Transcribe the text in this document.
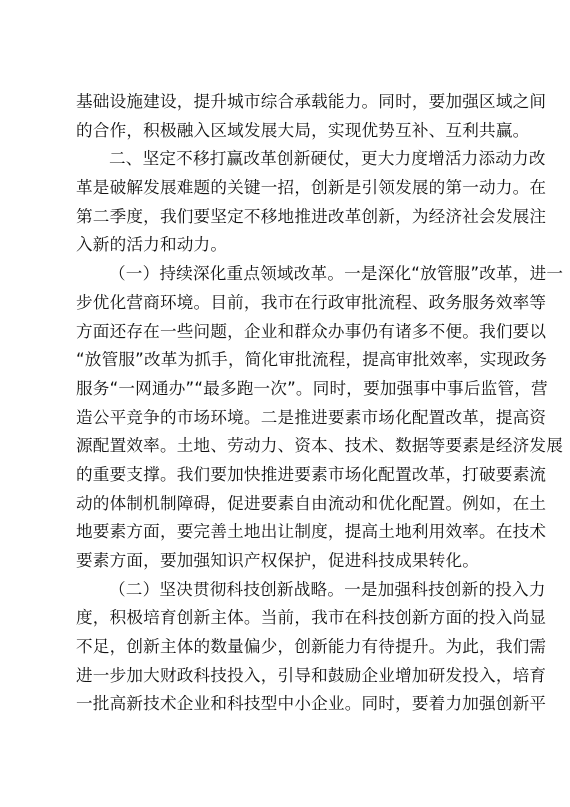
基础设施建设，提升城市综合承载能力。同时，要加强区域之间
的合作，积极融入区域发展大局，实现优势互补、互利共赢。
二、坚定不移打赢改革创新硬仗，更大力度增活力添动力改
革是破解发展难题的关键一招，创新是引领发展的第一动力。在
第二季度，我们要坚定不移地推进改革创新，为经济社会发展注
入新的活力和动力。
（一）持续深化重点领域改革。一是深化“放管服”改革，进一
步优化营商环境。目前，我市在行政审批流程、政务服务效率等
方面还存在一些问题，企业和群众办事仍有诸多不便。我们要以
“放管服”改革为抓手，简化审批流程，提高审批效率，实现政务
服务“一网通办”“最多跑一次”。同时，要加强事中事后监管，营
造公平竞争的市场环境。二是推进要素市场化配置改革，提高资
源配置效率。土地、劳动力、资本、技术、数据等要素是经济发展
的重要支撑。我们要加快推进要素市场化配置改革，打破要素流
动的体制机制障碍，促进要素自由流动和优化配置。例如，在土
地要素方面，要完善土地出让制度，提高土地利用效率。在技术
要素方面，要加强知识产权保护，促进科技成果转化。
（二）坚决贯彻科技创新战略。一是加强科技创新的投入力
度，积极培育创新主体。当前，我市在科技创新方面的投入尚显
不足，创新主体的数量偏少，创新能力有待提升。为此，我们需
进一步加大财政科技投入，引导和鼓励企业增加研发投入，培育
一批高新技术企业和科技型中小企业。同时，要着力加强创新平
